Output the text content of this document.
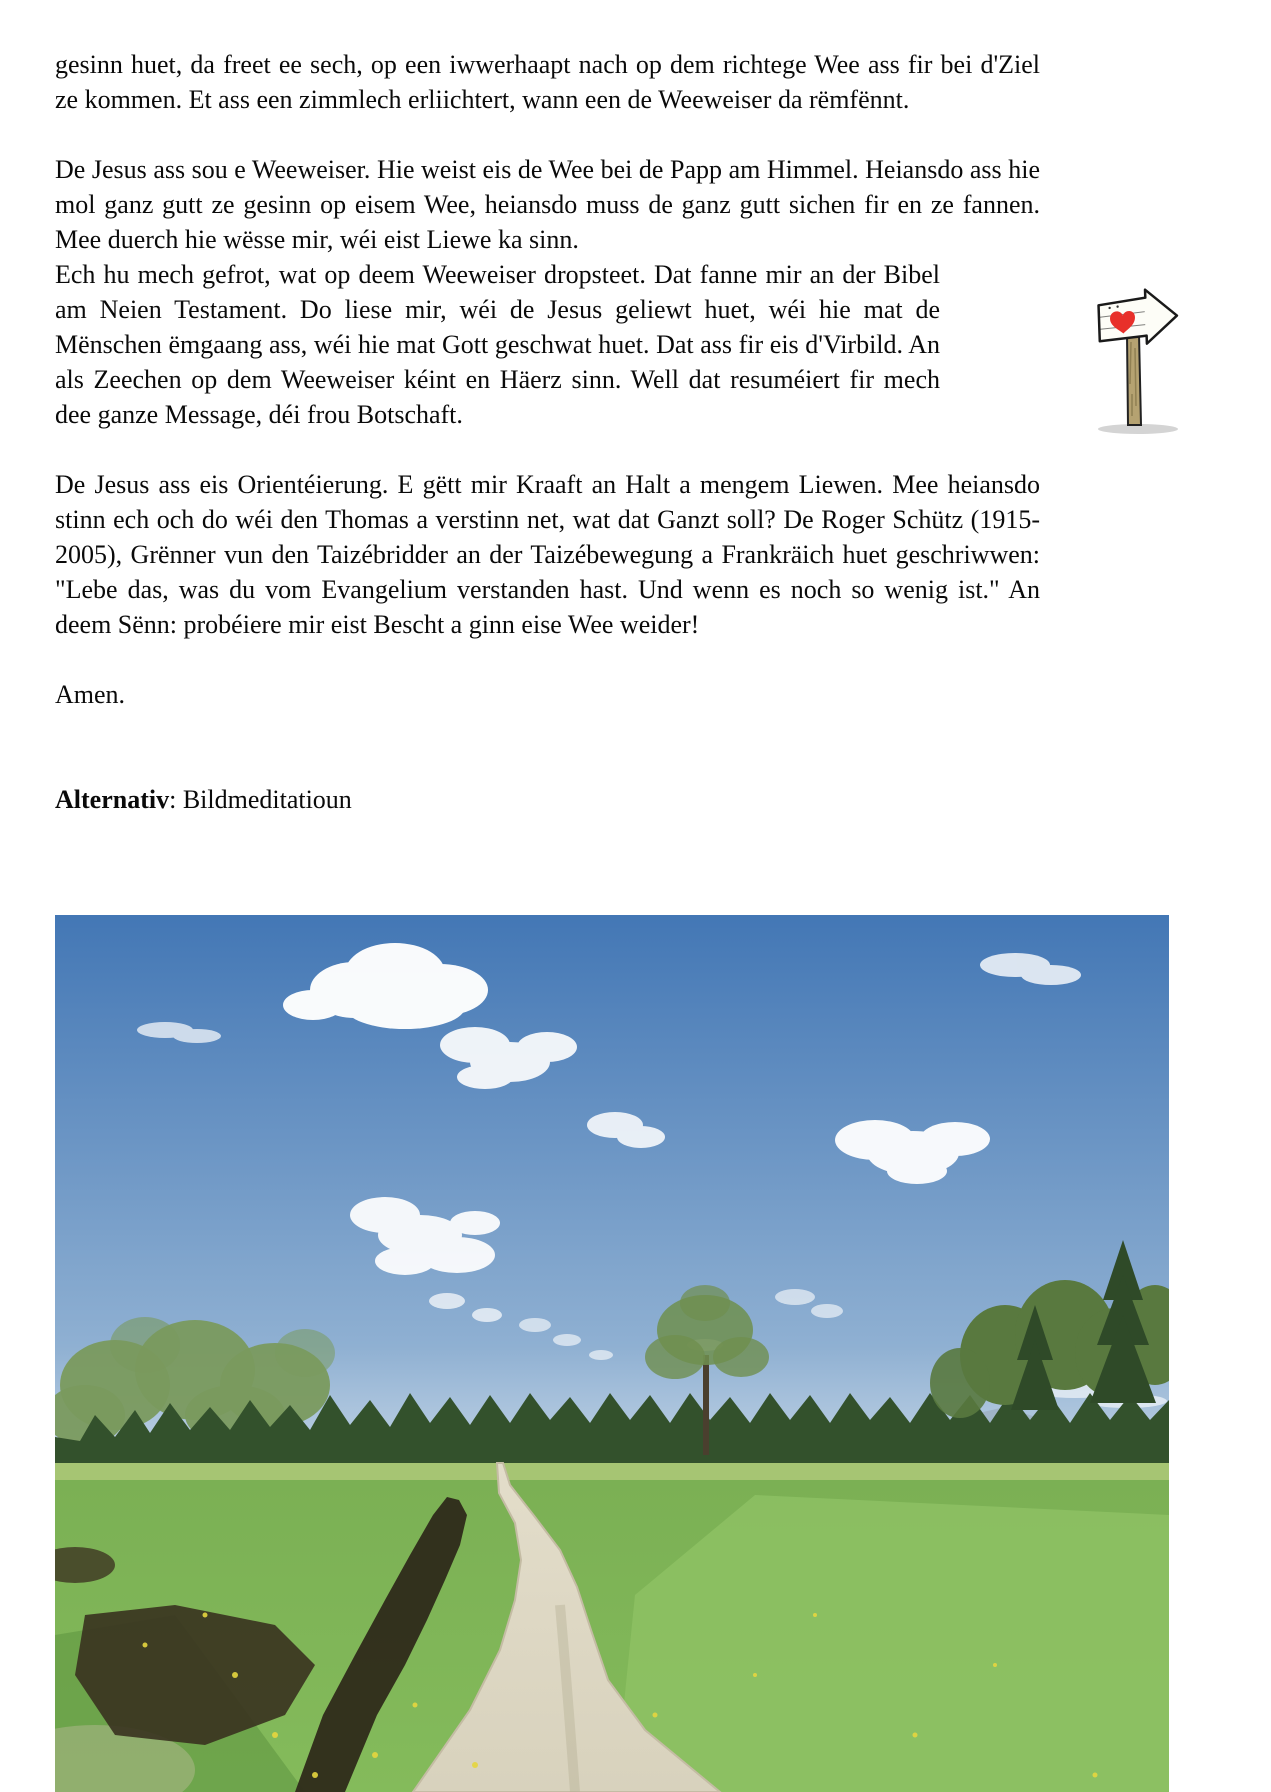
gesinn huet, da freet ee sech, op een iwwerhaapt nach op dem richtege Wee ass fir bei d'Ziel ze kommen. Et ass een zimmlech erliichtert, wann een de Weeweiser da rëmfënnt.

De Jesus ass sou e Weeweiser. Hie weist eis de Wee bei de Papp am Himmel. Heiansdo ass hie mol ganz gutt ze gesinn op eisem Wee, heiansdo muss de ganz gutt sichen fir en ze fannen. Mee duerch hie wësse mir, wéi eist Liewe ka sinn.

Ech hu mech gefrot, wat op deem Weeweiser dropsteet. Dat fanne mir an der Bibel am Neien Testament. Do liese mir, wéi de Jesus geliewt huet, wéi hie mat de Mënschen ëmgaang ass, wéi hie mat Gott geschwat huet. Dat ass fir eis d'Virbild. An als Zeechen op dem Weeweiser kéint en Häerz sinn. Well dat resuméiert fir mech dee ganze Message, déi frou Botschaft.

De Jesus ass eis Orientéierung. E gëtt mir Kraaft an Halt a mengem Liewen. Mee heiansdo stinn ech och do wéi den Thomas a verstinn net, wat dat Ganzt soll? De Roger Schütz (1915-2005), Grënner vun den Taizébridder an der Taizébewegung a Frankräich huet geschriwwen: "Lebe das, was du vom Evangelium verstanden hast. Und wenn es noch so wenig ist." An deem Sënn: probéiere mir eist Bescht a ginn eise Wee weider!

Amen.

Alternativ: Bildmeditatioun
